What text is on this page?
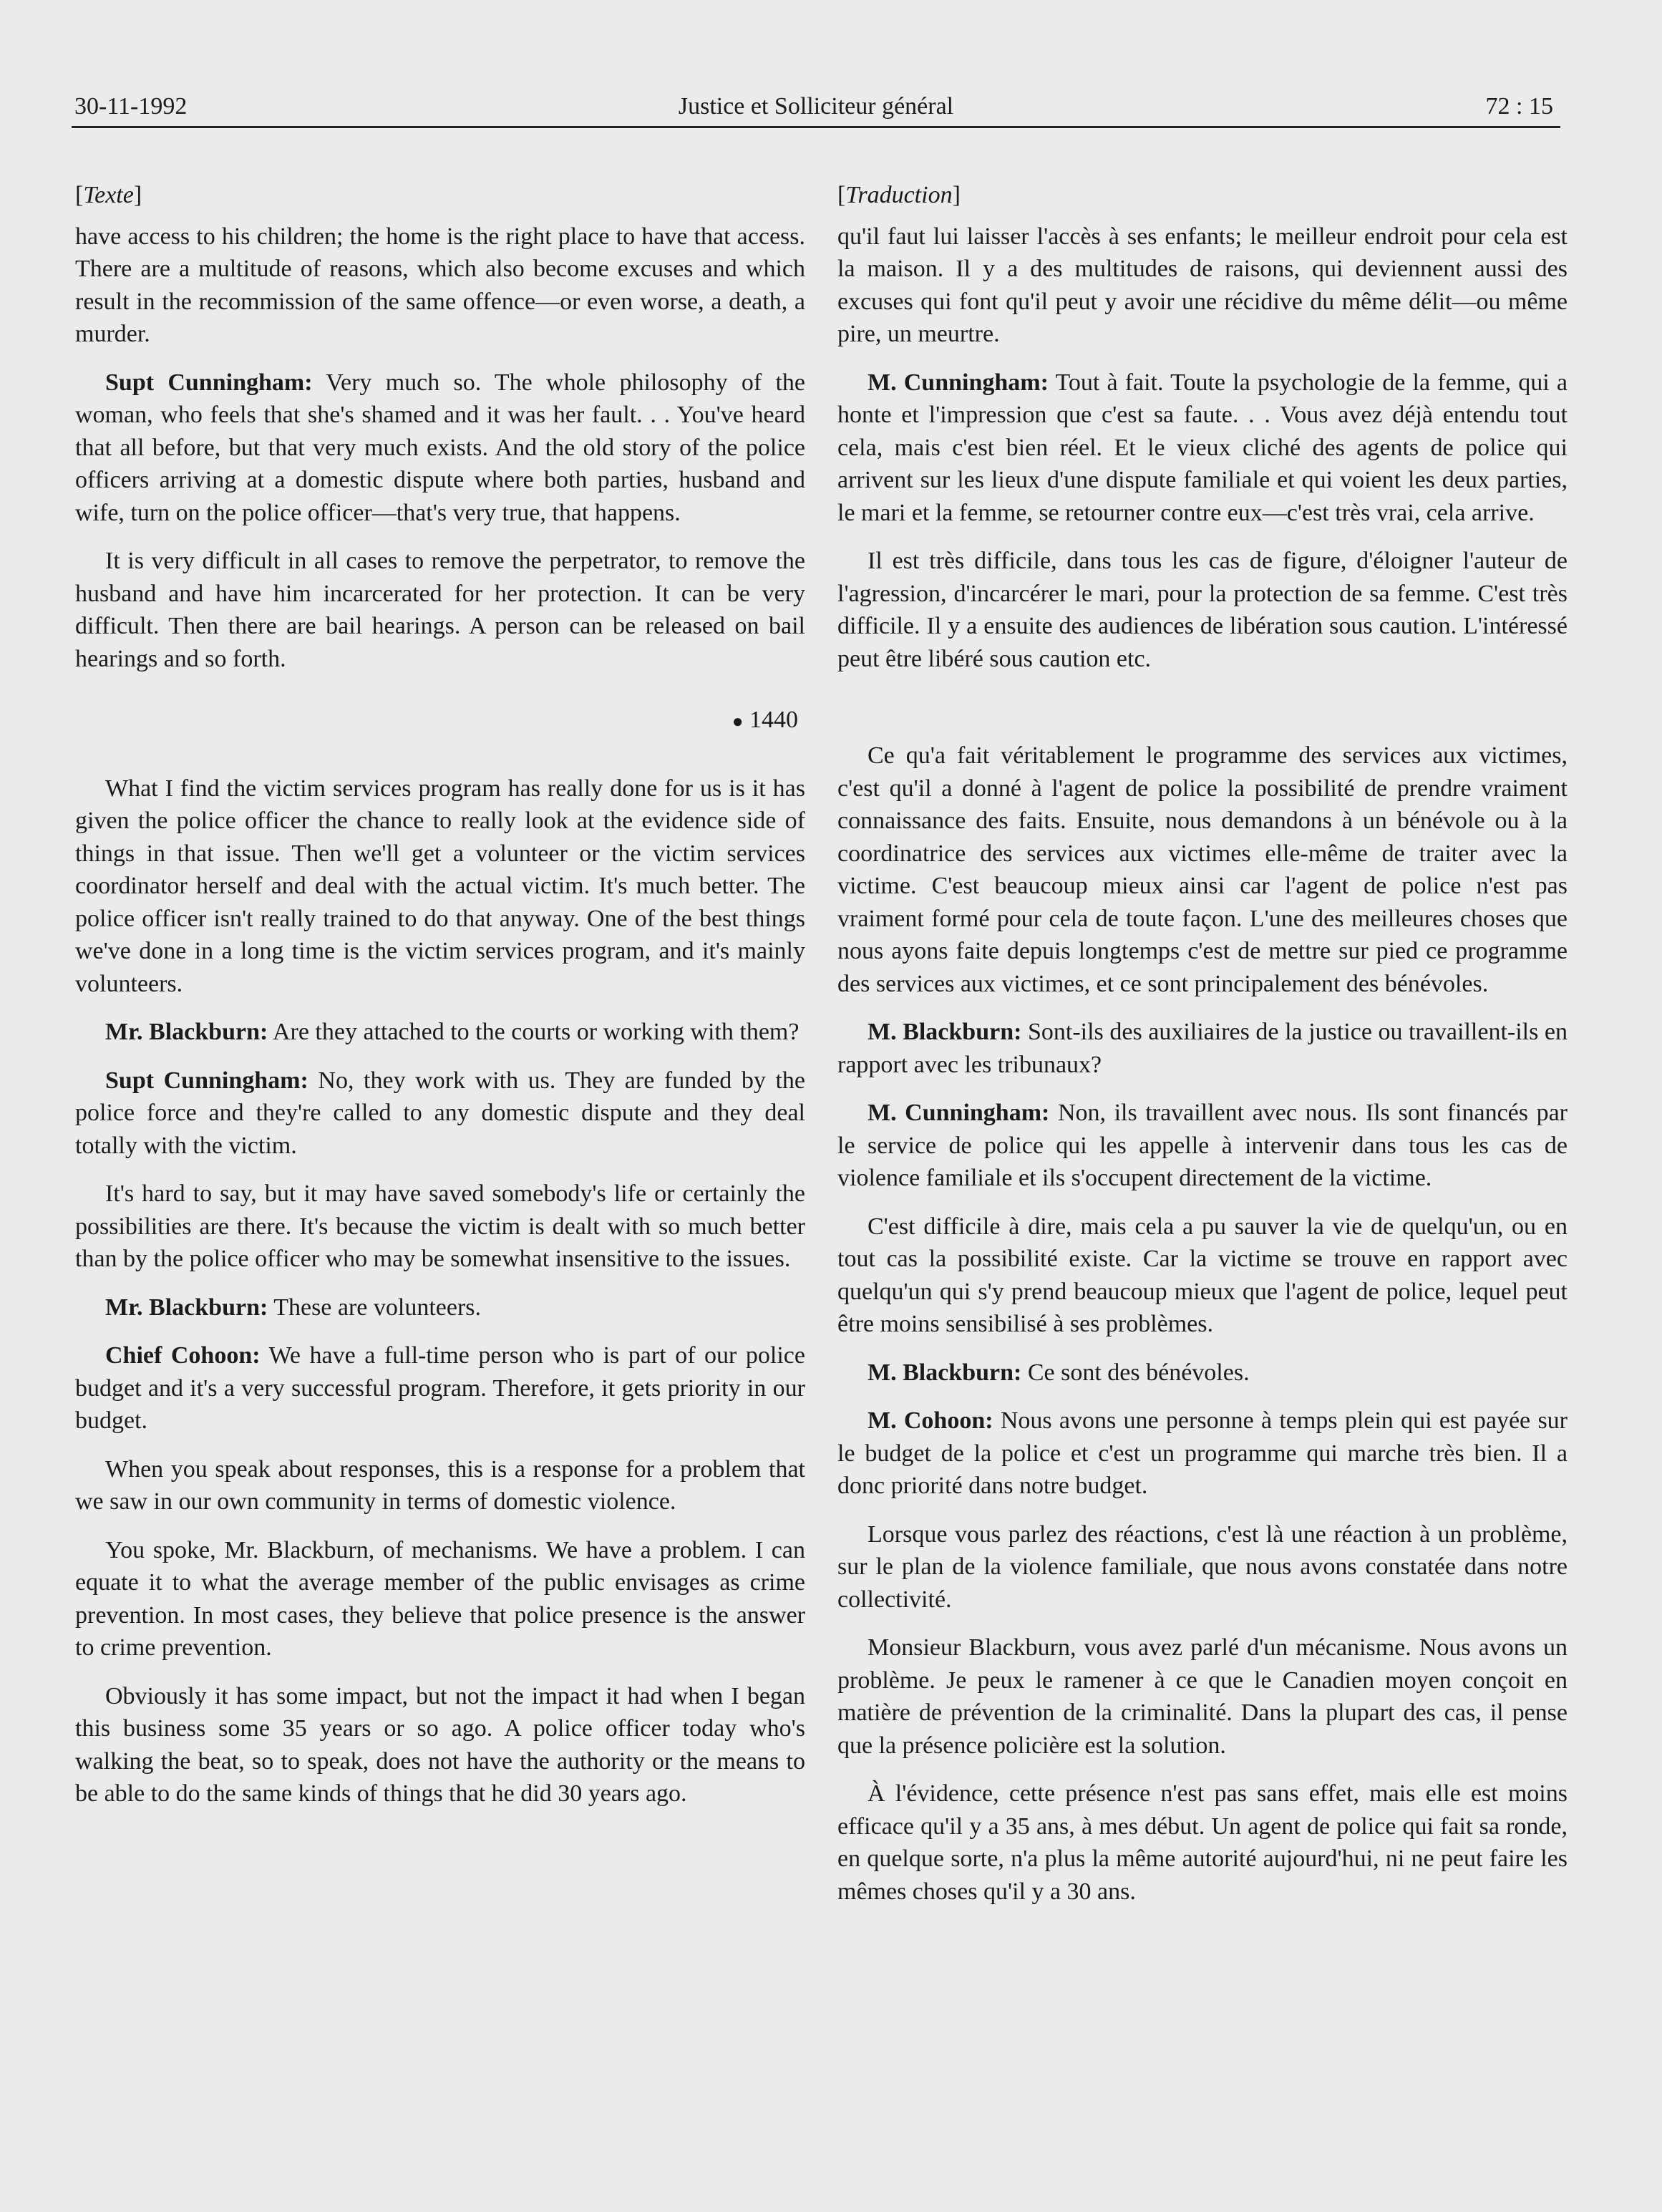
30-11-1992	Justice et Solliciteur général	72 : 15
[Texte]

have access to his children; the home is the right place to have that access. There are a multitude of reasons, which also become excuses and which result in the recommission of the same offence—or even worse, a death, a murder.

Supt Cunningham: Very much so. The whole philosophy of the woman, who feels that she's shamed and it was her fault. . . You've heard that all before, but that very much exists. And the old story of the police officers arriving at a domestic dispute where both parties, husband and wife, turn on the police officer—that's very true, that happens.

It is very difficult in all cases to remove the perpetrator, to remove the husband and have him incarcerated for her protection. It can be very difficult. Then there are bail hearings. A person can be released on bail hearings and so forth.

● 1440

What I find the victim services program has really done for us is it has given the police officer the chance to really look at the evidence side of things in that issue. Then we'll get a volunteer or the victim services coordinator herself and deal with the actual victim. It's much better. The police officer isn't really trained to do that anyway. One of the best things we've done in a long time is the victim services program, and it's mainly volunteers.

Mr. Blackburn: Are they attached to the courts or working with them?

Supt Cunningham: No, they work with us. They are funded by the police force and they're called to any domestic dispute and they deal totally with the victim.

It's hard to say, but it may have saved somebody's life or certainly the possibilities are there. It's because the victim is dealt with so much better than by the police officer who may be somewhat insensitive to the issues.

Mr. Blackburn: These are volunteers.

Chief Cohoon: We have a full-time person who is part of our police budget and it's a very successful program. Therefore, it gets priority in our budget.

When you speak about responses, this is a response for a problem that we saw in our own community in terms of domestic violence.

You spoke, Mr. Blackburn, of mechanisms. We have a problem. I can equate it to what the average member of the public envisages as crime prevention. In most cases, they believe that police presence is the answer to crime prevention.

Obviously it has some impact, but not the impact it had when I began this business some 35 years or so ago. A police officer today who's walking the beat, so to speak, does not have the authority or the means to be able to do the same kinds of things that he did 30 years ago.

[Traduction]

qu'il faut lui laisser l'accès à ses enfants; le meilleur endroit pour cela est la maison. Il y a des multitudes de raisons, qui deviennent aussi des excuses qui font qu'il peut y avoir une récidive du même délit—ou même pire, un meurtre.

M. Cunningham: Tout à fait. Toute la psychologie de la femme, qui a honte et l'impression que c'est sa faute. . . Vous avez déjà entendu tout cela, mais c'est bien réel. Et le vieux cliché des agents de police qui arrivent sur les lieux d'une dispute familiale et qui voient les deux parties, le mari et la femme, se retourner contre eux—c'est très vrai, cela arrive.

Il est très difficile, dans tous les cas de figure, d'éloigner l'auteur de l'agression, d'incarcérer le mari, pour la protection de sa femme. C'est très difficile. Il y a ensuite des audiences de libération sous caution. L'intéressé peut être libéré sous caution etc.

Ce qu'a fait véritablement le programme des services aux victimes, c'est qu'il a donné à l'agent de police la possibilité de prendre vraiment connaissance des faits. Ensuite, nous demandons à un bénévole ou à la coordinatrice des services aux victimes elle-même de traiter avec la victime. C'est beaucoup mieux ainsi car l'agent de police n'est pas vraiment formé pour cela de toute façon. L'une des meilleures choses que nous ayons faite depuis longtemps c'est de mettre sur pied ce programme des services aux victimes, et ce sont principalement des bénévoles.

M. Blackburn: Sont-ils des auxiliaires de la justice ou travaillent-ils en rapport avec les tribunaux?

M. Cunningham: Non, ils travaillent avec nous. Ils sont financés par le service de police qui les appelle à intervenir dans tous les cas de violence familiale et ils s'occupent directement de la victime.

C'est difficile à dire, mais cela a pu sauver la vie de quelqu'un, ou en tout cas la possibilité existe. Car la victime se trouve en rapport avec quelqu'un qui s'y prend beaucoup mieux que l'agent de police, lequel peut être moins sensibilisé à ses problèmes.

M. Blackburn: Ce sont des bénévoles.

M. Cohoon: Nous avons une personne à temps plein qui est payée sur le budget de la police et c'est un programme qui marche très bien. Il a donc priorité dans notre budget.

Lorsque vous parlez des réactions, c'est là une réaction à un problème, sur le plan de la violence familiale, que nous avons constatée dans notre collectivité.

Monsieur Blackburn, vous avez parlé d'un mécanisme. Nous avons un problème. Je peux le ramener à ce que le Canadien moyen conçoit en matière de prévention de la criminalité. Dans la plupart des cas, il pense que la présence policière est la solution.

À l'évidence, cette présence n'est pas sans effet, mais elle est moins efficace qu'il y a 35 ans, à mes début. Un agent de police qui fait sa ronde, en quelque sorte, n'a plus la même autorité aujourd'hui, ni ne peut faire les mêmes choses qu'il y a 30 ans.
